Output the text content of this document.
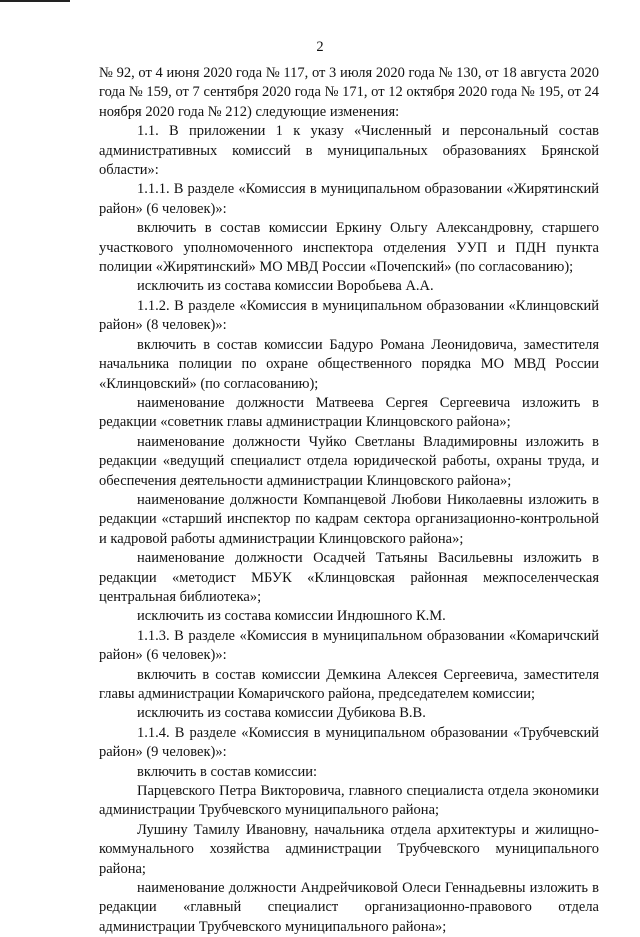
2

№ 92, от 4 июня 2020 года № 117, от 3 июля 2020 года № 130, от 18 августа 2020 года № 159, от 7 сентября 2020 года № 171, от 12 октября 2020 года № 195, от 24 ноября 2020 года № 212) следующие изменения:

1.1. В приложении 1 к указу «Численный и персональный состав административных комиссий в муниципальных образованиях Брянской области»:

1.1.1. В разделе «Комиссия в муниципальном образовании «Жирятинский район» (6 человек)»:

включить в состав комиссии Еркину Ольгу Александровну, старшего участкового уполномоченного инспектора отделения УУП и ПДН пункта полиции «Жирятинский» МО МВД России «Почепский» (по согласованию);

исключить из состава комиссии Воробьева А.А.

1.1.2. В разделе «Комиссия в муниципальном образовании «Клинцовский район» (8 человек)»:

включить в состав комиссии Бадуро Романа Леонидовича, заместителя начальника полиции по охране общественного порядка МО МВД России «Клинцовский» (по согласованию);

наименование должности Матвеева Сергея Сергеевича изложить в редакции «советник главы администрации Клинцовского района»;

наименование должности Чуйко Светланы Владимировны изложить в редакции «ведущий специалист отдела юридической работы, охраны труда, и обеспечения деятельности администрации Клинцовского района»;

наименование должности Компанцевой Любови Николаевны изложить в редакции «старший инспектор по кадрам сектора организационно-контрольной и кадровой работы администрации Клинцовского района»;

наименование должности Осадчей Татьяны Васильевны изложить в редакции «методист МБУК «Клинцовская районная межпоселенческая центральная библиотека»;

исключить из состава комиссии Индюшного К.М.

1.1.3. В разделе «Комиссия в муниципальном образовании «Комаричский район» (6 человек)»:

включить в состав комиссии Демкина Алексея Сергеевича, заместителя главы администрации Комаричского района, председателем комиссии;

исключить из состава комиссии Дубикова В.В.

1.1.4. В разделе «Комиссия в муниципальном образовании «Трубчевский район» (9 человек)»:

включить в состав комиссии:

Парцевского Петра Викторовича, главного специалиста отдела экономики администрации Трубчевского муниципального района;

Лушину Тамилу Ивановну, начальника отдела архитектуры и жилищно-коммунального хозяйства администрации Трубчевского муниципального района;

наименование должности Андрейчиковой Олеси Геннадьевны изложить в редакции «главный специалист организационно-правового отдела администрации Трубчевского муниципального района»;
